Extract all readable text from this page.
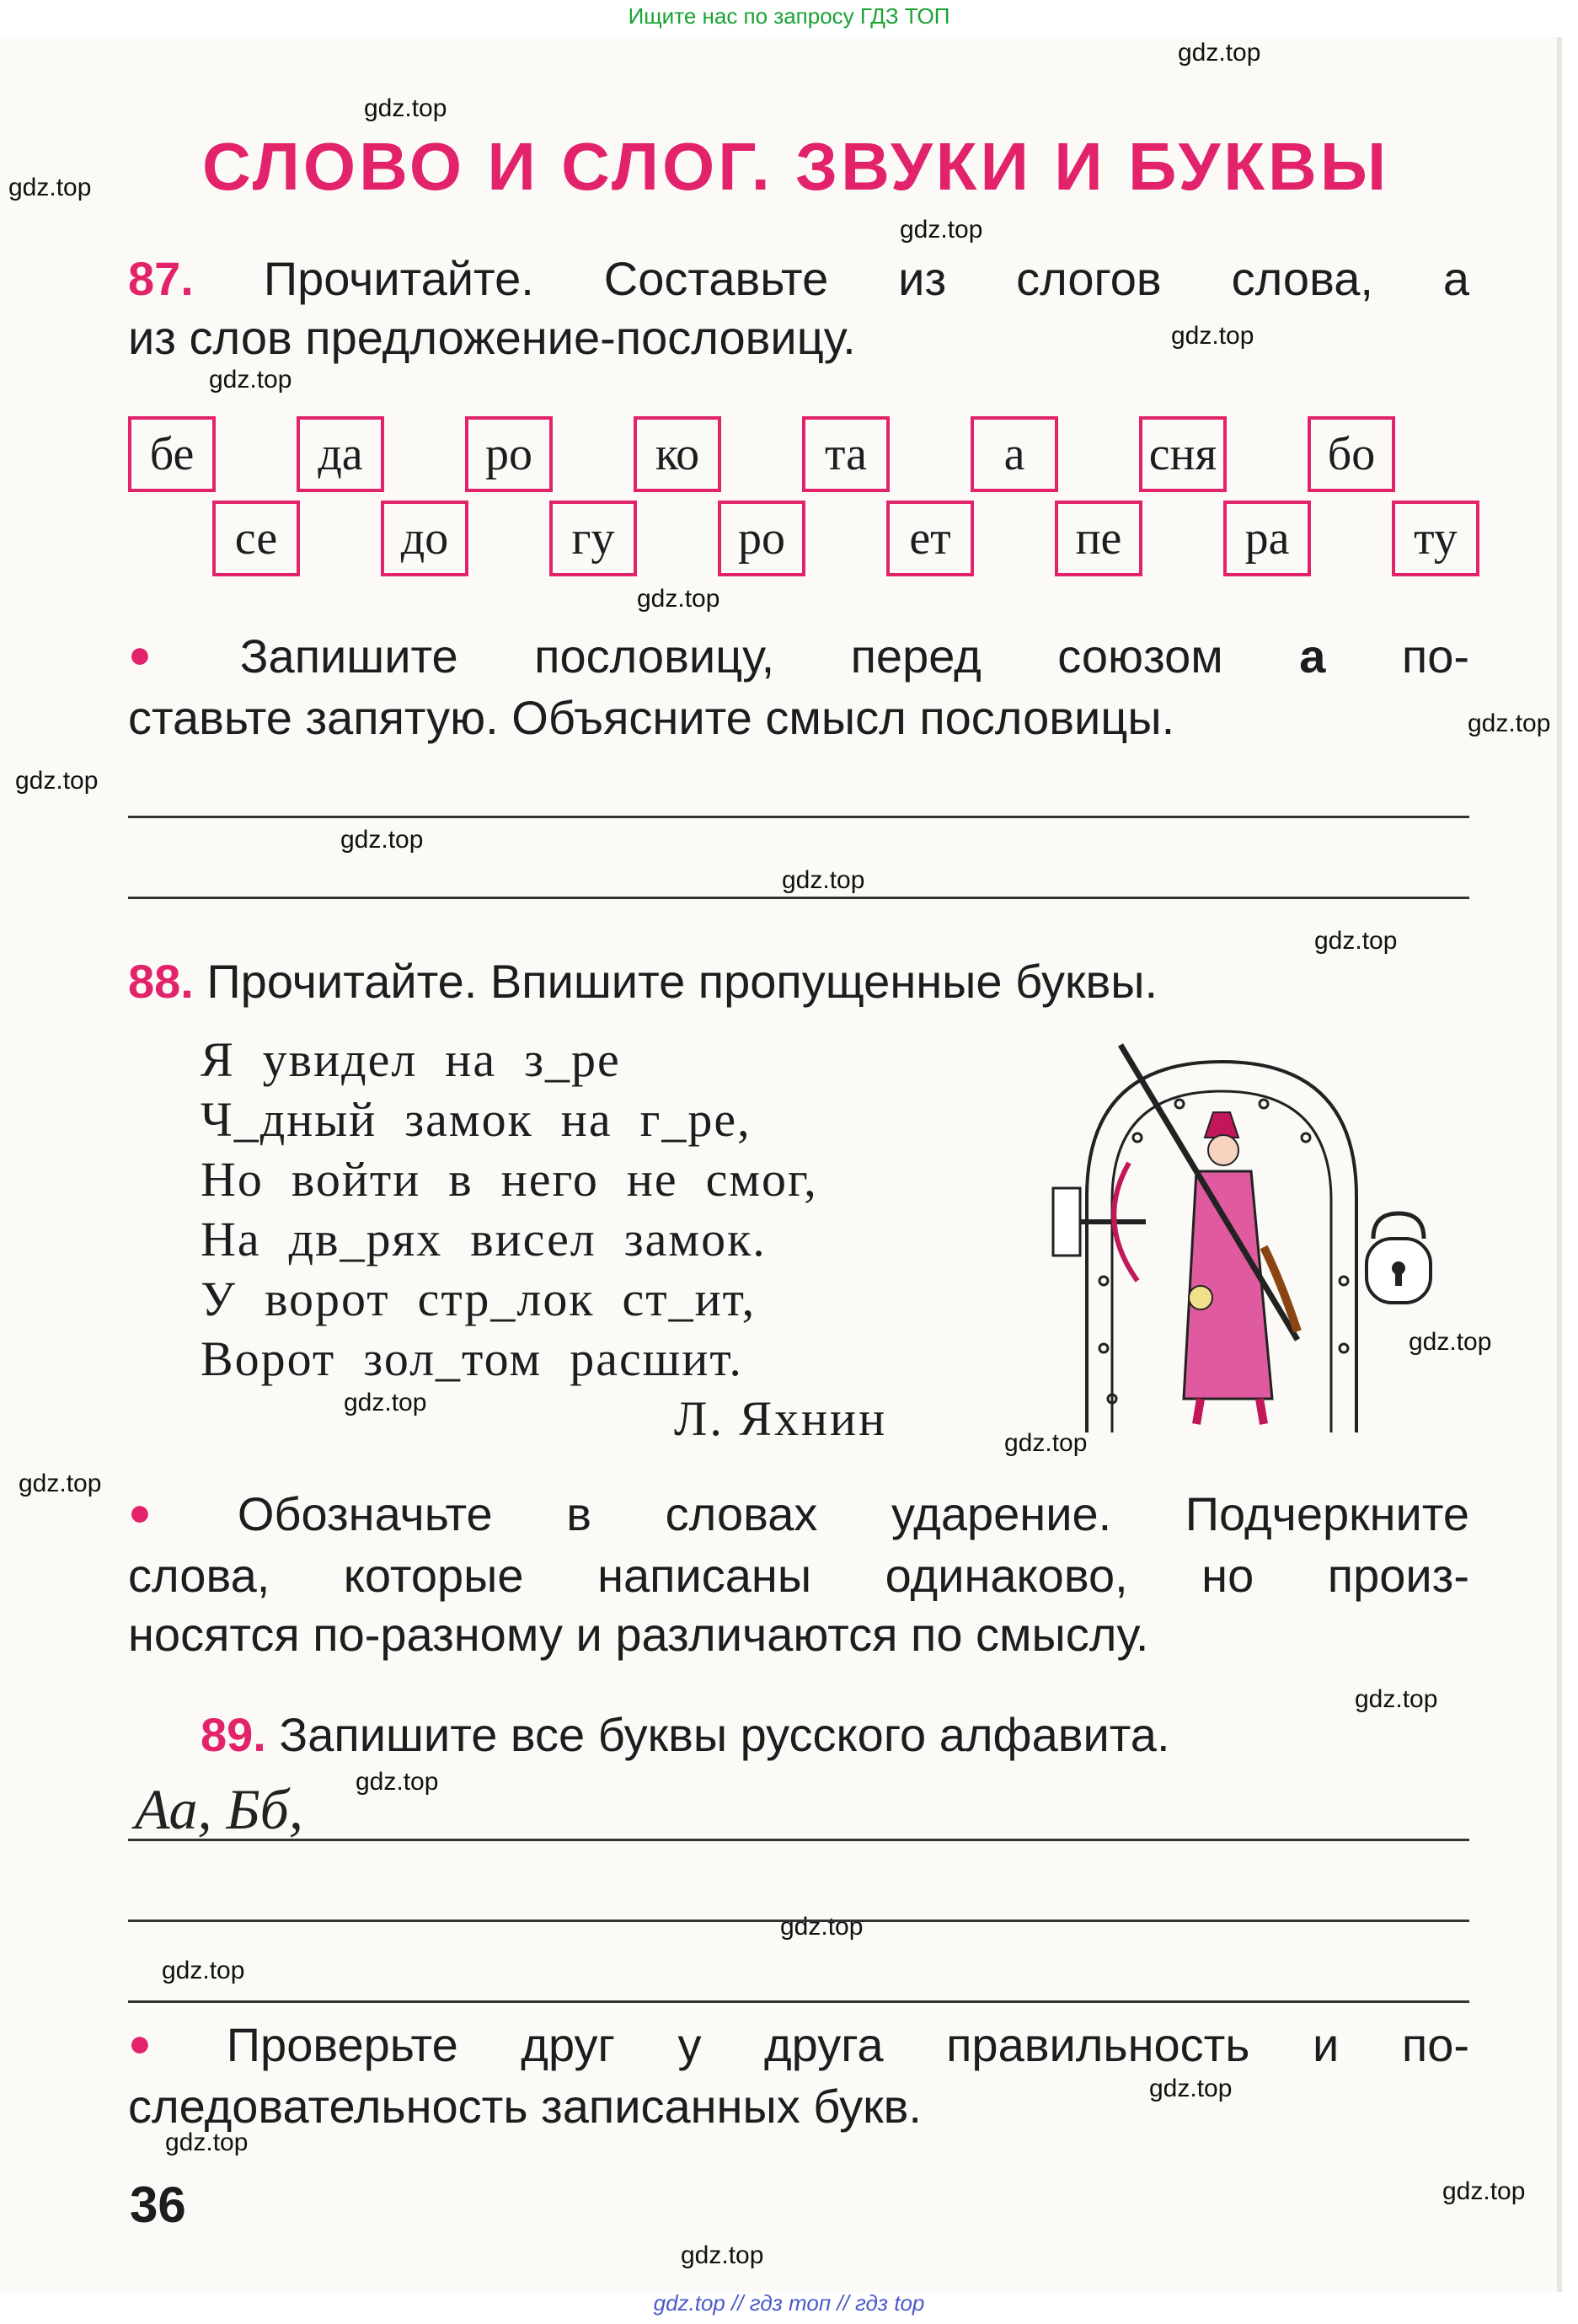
Ищите нас по запросу ГДЗ ТОП

gdz.top
gdz.top
gdz.top
gdz.top
gdz.top
gdz.top
gdz.top
gdz.top
gdz.top
gdz.top
gdz.top
gdz.top
gdz.top
gdz.top
gdz.top
gdz.top
gdz.top
gdz.top
gdz.top
gdz.top
gdz.top
gdz.top
gdz.top
gdz.top
СЛОВО И СЛОГ. ЗВУКИ И БУКВЫ
87. Прочитайте. Составьте из слогов слова, а
из слов предложение-пословицу.
бе	да	ро	ко	та	а	сня	бо
се	до	гу	ро	ет	пе	ра	ту
● Запишите пословицу, перед союзом а по-
ставьте запятую. Объясните смысл пословицы.
88. Прочитайте. Впишите пропущенные буквы.
Я  увидел  на  з_ре
Ч_дный  замок  на  г_ре,
Но  войти  в  него  не  смог,
На  дв_рях  висел  замок.
У  ворот  стр_лок  ст_ит,
Ворот  зол_том  расшит.
Л. Яхнин
● Обозначьте в словах ударение. Подчеркните
слова, которые написаны одинаково, но произ-
носятся по-разному и различаются по смыслу.
89. Запишите все буквы русского алфавита.
Аа, Бб,
● Проверьте друг у друга правильность и по-
следовательность записанных букв.
36
gdz.top // гдз топ // гдз top
